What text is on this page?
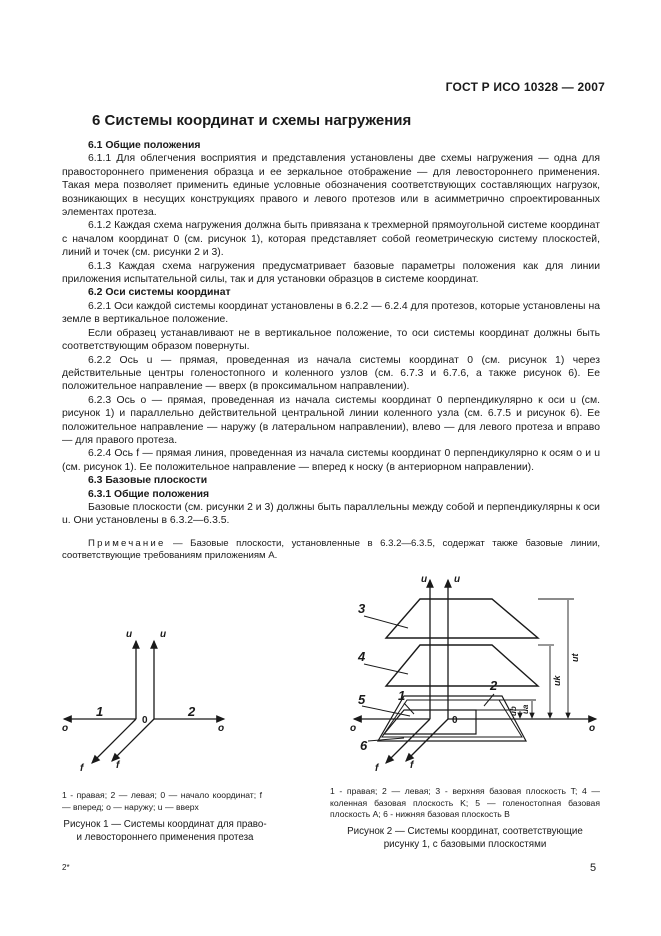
ГОСТ Р ИСО 10328 — 2007
6 Системы координат и схемы нагружения
6.1 Общие положения

6.1.1 Для облегчения восприятия и представления установлены две схемы нагружения — одна для правостороннего применения образца и ее зеркальное отображение — для левостороннего применения. Такая мера позволяет применить единые условные обозначения соответствующих составляющих нагрузок, возникающих в несущих конструкциях правого и левого протезов или в асимметрично спроектированных элементах протеза.

6.1.2 Каждая схема нагружения должна быть привязана к трехмерной прямоугольной системе координат с началом координат 0 (см. рисунок 1), которая представляет собой геометрическую систему плоскостей, линий и точек (см. рисунки 2 и 3).

6.1.3 Каждая схема нагружения предусматривает базовые параметры положения как для линии приложения испытательной силы, так и для установки образцов в системе координат.

6.2 Оси системы координат

6.2.1 Оси каждой системы координат установлены в 6.2.2 — 6.2.4 для протезов, которые установлены на земле в вертикальное положение.

Если образец устанавливают не в вертикальное положение, то оси системы координат должны быть соответствующим образом повернуты.

6.2.2 Ось u — прямая, проведенная из начала системы координат 0 (см. рисунок 1) через действительные центры голеностопного и коленного узлов (см. 6.7.3 и 6.7.6, а также рисунок 6). Ее положительное направление — вверх (в проксимальном направлении).

6.2.3 Ось o — прямая, проведенная из начала системы координат 0 перпендикулярно к оси u (см. рисунок 1) и параллельно действительной центральной линии коленного узла (см. 6.7.5 и рисунок 6). Ее положительное направление — наружу (в латеральном направлении), влево — для левого протеза и вправо — для правого протеза.

6.2.4 Ось f — прямая линия, проведенная из начала системы координат 0 перпендикулярно к осям o и u (см. рисунок 1). Ее положительное направление — вперед к носку (в антериорном направлении).

6.3 Базовые плоскости
6.3.1 Общие положения

Базовые плоскости (см. рисунки 2 и 3) должны быть параллельны между собой и перпендикулярны к оси u. Они установлены в 6.3.2—6.3.5.

Примечание — Базовые плоскости, установленные в 6.3.2—6.3.5, содержат также базовые линии, соответствующие требованиям приложениям А.

u	u
o	o
f	f
0
1	2
u	u
o	o
f	f
0
3
4
5
6
1
2
ut
uk
ua
ub
1 - правая; 2 — левая; 0 — начало координат; f — вперед; o — наружу; u — вверх
Рисунок 1 — Системы координат для право- и левостороннего применения протеза
1 - правая; 2 — левая; 3 - верхняя базовая плоскость T; 4 — коленная базовая плоскость K; 5 — голеностопная базовая плоскость A; 6 - нижняя базовая плоскость B
Рисунок 2 — Системы координат, соответствующие рисунку 1, с базовыми плоскостями
2*	5
